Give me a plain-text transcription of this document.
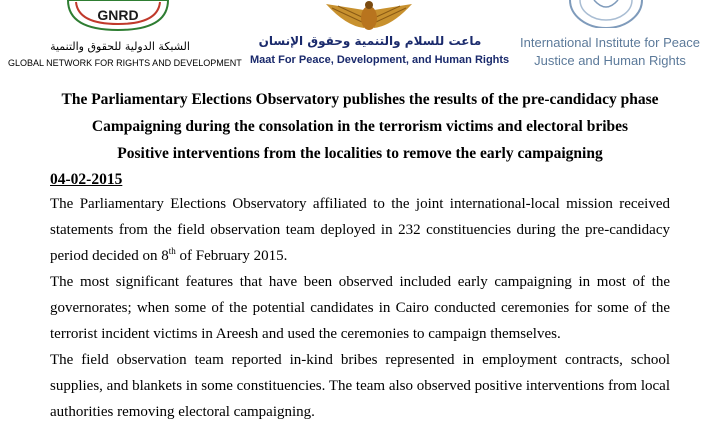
GNRD
الشبكة الدولية للحقوق والتنمية
GLOBAL NETWORK FOR RIGHTS AND DEVELOPMENT
ماعت للسلام والتنمية وحقوق الإنسان
Maat For Peace, Development, and Human Rights
International Institute for Peace
Justice and Human Rights
The Parliamentary Elections Observatory publishes the results of the pre-candidacy phase
Campaigning during the consolation in the terrorism victims and electoral bribes
Positive interventions from the localities to remove the early campaigning
04-02-2015

The Parliamentary Elections Observatory affiliated to the joint international-local mission received statements from the field observation team deployed in 232 constituencies during the pre-candidacy period decided on 8th of February 2015.

The most significant features that have been observed included early campaigning in most of the governorates; when some of the potential candidates in Cairo conducted ceremonies for some of the terrorist incident victims in Areesh and used the ceremonies to campaign themselves.

The field observation team reported in-kind bribes represented in employment contracts, school supplies, and blankets in some constituencies. The team also observed positive interventions from local authorities removing electoral campaigning.
